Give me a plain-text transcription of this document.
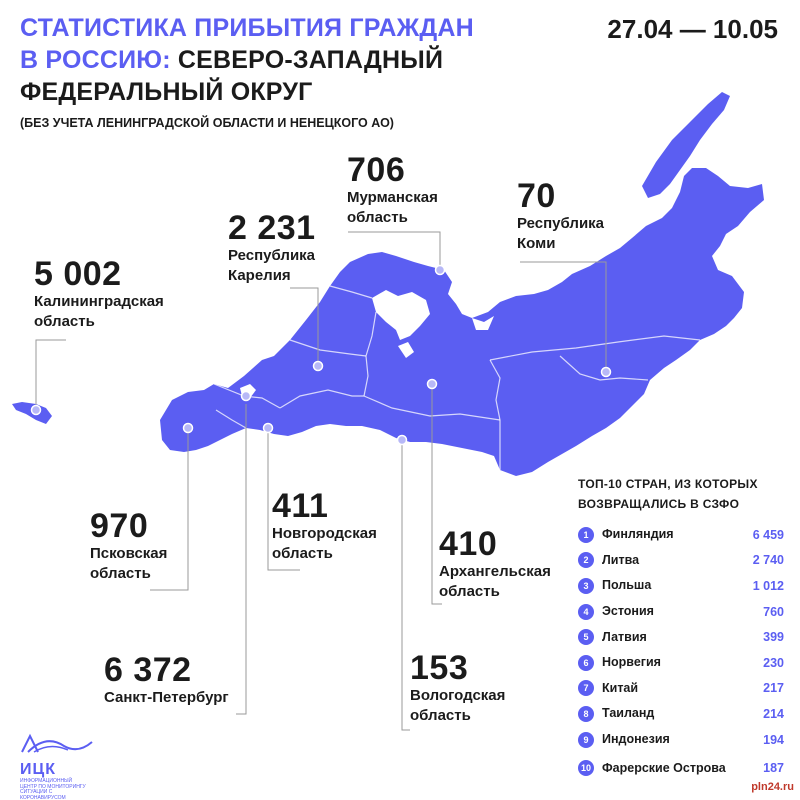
СТАТИСТИКА ПРИБЫТИЯ ГРАЖДАН
В РОССИЮ: СЕВЕРО-ЗАПАДНЫЙ
ФЕДЕРАЛЬНЫЙ ОКРУГ
27.04 — 10.05
(БЕЗ УЧЕТА ЛЕНИНГРАДСКОЙ ОБЛАСТИ И НЕНЕЦКОГО АО)
5 002
Калининградская область
2 231
Республика Карелия
706
Мурманская область
70
Республика Коми
970
Псковская область
411
Новгородская область	410
Архангельская область
6 372
Санкт-Петербург
153
Вологодская область
ТОП-10 СТРАН, ИЗ КОТОРЫХ ВОЗВРАЩАЛИСЬ В СЗФО
1	Финляндия	6 459
2	Литва	2 740
3	Польша	1 012
4	Эстония	760
5	Латвия	399
6	Норвегия	230
7	Китай	217
8	Таиланд	214
9	Индонезия	194
10 Фарерские Острова	187
ИЦК
ИНФОРМАЦИОННЫЙ ЦЕНТР ПО МОНИТОРИНГУ СИТУАЦИИ С КОРОНАВИРУСОМ
pln24.ru
